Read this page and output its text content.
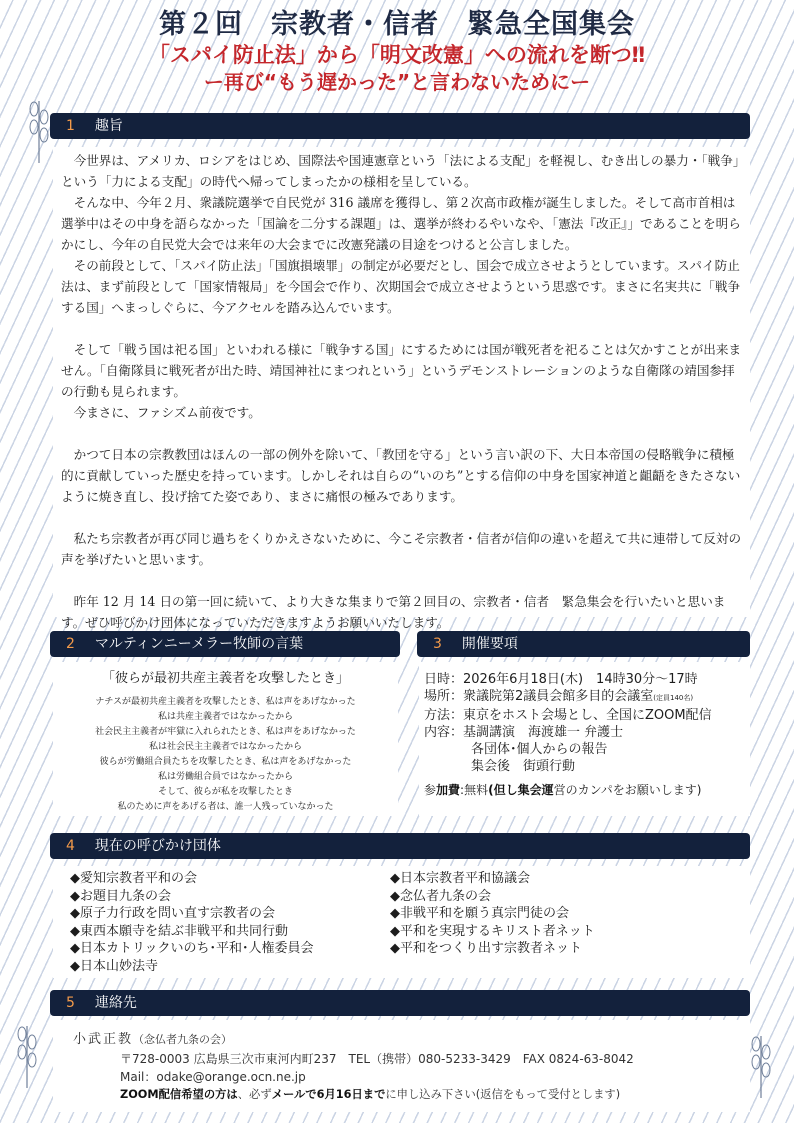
第２回　宗教者・信者　緊急全国集会
「スパイ防止法」から「明文改憲」への流れを断つ‼
ー再び“もう遅かった”と言わないためにー
1 趣旨

今世界は、アメリカ、ロシアをはじめ、国際法や国連憲章という「法による支配」を軽視し、むき出しの暴力・「戦争」という「力による支配」の時代へ帰ってしまったかの様相を呈している。

そんな中、今年２月、衆議院選挙で自民党が 316 議席を獲得し、第２次高市政権が誕生しました。そして高市首相は選挙中はその中身を語らなかった「国論を二分する課題」は、選挙が終わるやいなや、「憲法『改正』」であることを明らかにし、今年の自民党大会では来年の大会までに改憲発議の目途をつけると公言しました。

その前段として、「スパイ防止法」「国旗損壊罪」の制定が必要だとし、国会で成立させようとしています。スパイ防止法は、まず前段として「国家情報局」を今国会で作り、次期国会で成立させようという思惑です。まさに名実共に「戦争する国」へまっしぐらに、今アクセルを踏み込んでいます。

そして「戦う国は祀る国」といわれる様に「戦争する国」にするためには国が戦死者を祀ることは欠かすことが出来ません。「自衛隊員に戦死者が出た時、靖国神社にまつれという」というデモンストレーションのような自衛隊の靖国参拝の行動も見られます。

今まさに、ファシズム前夜です。

かつて日本の宗教教団はほんの一部の例外を除いて、「教団を守る」という言い訳の下、大日本帝国の侵略戦争に積極的に貢献していった歴史を持っています。しかしそれは自らの“いのち”とする信仰の中身を国家神道と齟齬をきたさないように焼き直し、投げ捨てた姿であり、まさに痛恨の極みであります。

私たち宗教者が再び同じ過ちをくりかえさないために、今こそ宗教者・信者が信仰の違いを超えて共に連帯して反対の声を挙げたいと思います。

昨年 12 月 14 日の第一回に続いて、より大きな集まりで第２回目の、宗教者・信者　緊急集会を行いたいと思います。ぜひ呼びかけ団体になっていただきますようお願いいたします。

2 マルティンニーメラー牧師の言葉
「彼らが最初共産主義者を攻撃したとき」

ナチスが最初共産主義者を攻撃したとき、私は声をあげなかった

私は共産主義者ではなかったから

社会民主主義者が牢獄に入れられたとき、私は声をあげなかった

私は社会民主主義者ではなかったから

彼らが労働組合員たちを攻撃したとき、私は声をあげなかった

私は労働組合員ではなかったから

そして、彼らが私を攻撃したとき

私のために声をあげる者は、誰一人残っていなかった

3 開催要項
日時：2026年6月18日(木)　14時30分～17時
場所：衆議院第2議員会館多目的会議室(定員140名)
方法：東京をホスト会場とし、全国にZOOM配信
内容：基調講演　海渡雄一 弁護士
各団体･個人からの報告
集会後　街頭行動
参加費:無料(但し集会運営のカンパをお願いします)
4 現在の呼びかけ団体
◆愛知宗教者平和の会
◆お題目九条の会
◆原子力行政を問い直す宗教者の会
◆東西本願寺を結ぶ非戦平和共同行動
◆日本カトリックいのち･平和･人権委員会
◆日本山妙法寺
◆日本宗教者平和協議会
◆念仏者九条の会
◆非戦平和を願う真宗門徒の会
◆平和を実現するキリスト者ネット
◆平和をつくり出す宗教者ネット
5 連絡先
小武正教（念仏者九条の会）
〒728-0003 広島県三次市東河内町237　TEL（携帯）080-5233-3429　FAX 0824-63-8042
Mail：odake@orange.ocn.ne.jp
ZOOM配信希望の方は、必ずメールで6月16日までに申し込み下さい(返信をもって受付とします)
